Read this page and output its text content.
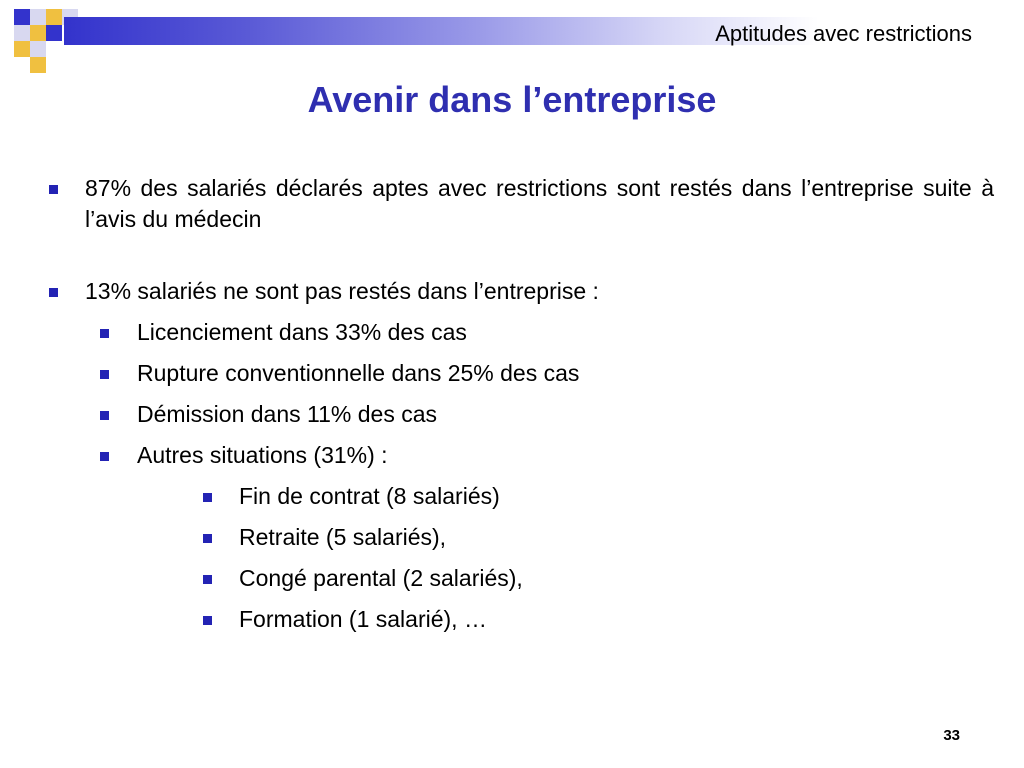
Aptitudes avec restrictions
Avenir dans l’entreprise
87% des salariés déclarés aptes avec restrictions sont restés dans l’entreprise suite à l’avis du médecin
13% salariés ne sont pas restés dans l’entreprise :
Licenciement dans 33% des cas
Rupture conventionnelle dans 25% des cas
Démission dans 11% des cas
Autres situations (31%) :
Fin de contrat (8 salariés)
Retraite (5 salariés),
Congé parental (2 salariés),
Formation (1 salarié), …
33
